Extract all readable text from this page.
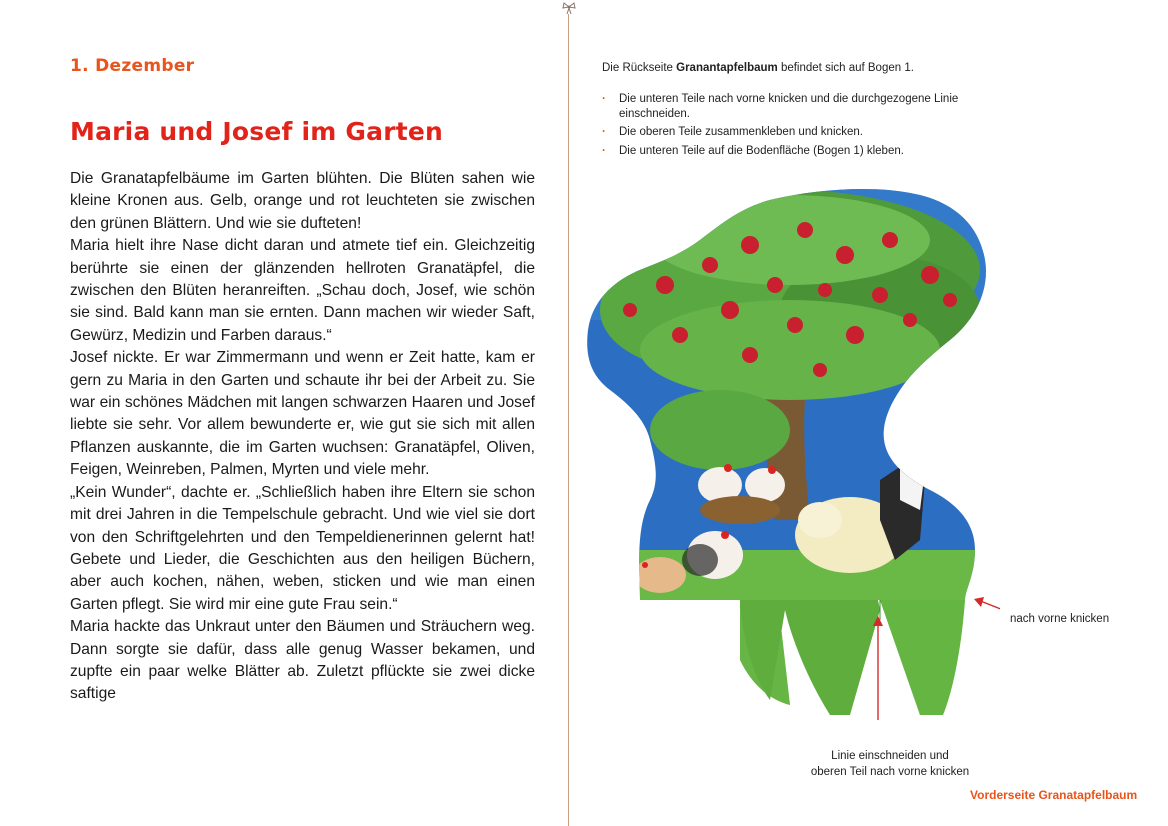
1. Dezember
Maria und Josef im Garten

Die Granatapfelbäume im Garten blühten. Die Blüten sahen wie kleine Kronen aus. Gelb, orange und rot leuchteten sie zwischen den grünen Blättern. Und wie sie dufteten!

Maria hielt ihre Nase dicht daran und atmete tief ein. Gleichzeitig berührte sie einen der glänzenden hellroten Granatäpfel, die zwischen den Blüten heranreiften. „Schau doch, Josef, wie schön sie sind. Bald kann man sie ernten. Dann machen wir wieder Saft, Gewürz, Medizin und Farben daraus.“

Josef nickte. Er war Zimmermann und wenn er Zeit hatte, kam er gern zu Maria in den Garten und schaute ihr bei der Arbeit zu. Sie war ein schönes Mädchen mit langen schwarzen Haaren und Josef liebte sie sehr. Vor allem bewunderte er, wie gut sie sich mit allen Pflanzen auskannte, die im Garten wuchsen: Granatäpfel, Oliven, Feigen, Weinreben, Palmen, Myrten und viele mehr.

„Kein Wunder“, dachte er. „Schließlich haben ihre Eltern sie schon mit drei Jahren in die Tempelschule gebracht. Und wie viel sie dort von den Schriftgelehrten und den Tempeldienerinnen gelernt hat! Gebete und Lieder, die Geschichten aus den heiligen Büchern, aber auch kochen, nähen, weben, sticken und wie man einen Garten pflegt. Sie wird mir eine gute Frau sein.“

Maria hackte das Unkraut unter den Bäumen und Sträuchern weg. Dann sorgte sie dafür, dass alle genug Wasser bekamen, und zupfte ein paar welke Blätter ab. Zuletzt pflückte sie zwei dicke saftige

Die Rückseite Granantapfelbaum befindet sich auf Bogen 1.
· Die unteren Teile nach vorne knicken und die durchgezogene Linie einschneiden.
· Die oberen Teile zusammenkleben und knicken.
· Die unteren Teile auf die Bodenfläche (Bogen 1) kleben.
nach vorne knicken
Linie einschneiden und
oberen Teil nach vorne knicken
Vorderseite Granatapfelbaum
